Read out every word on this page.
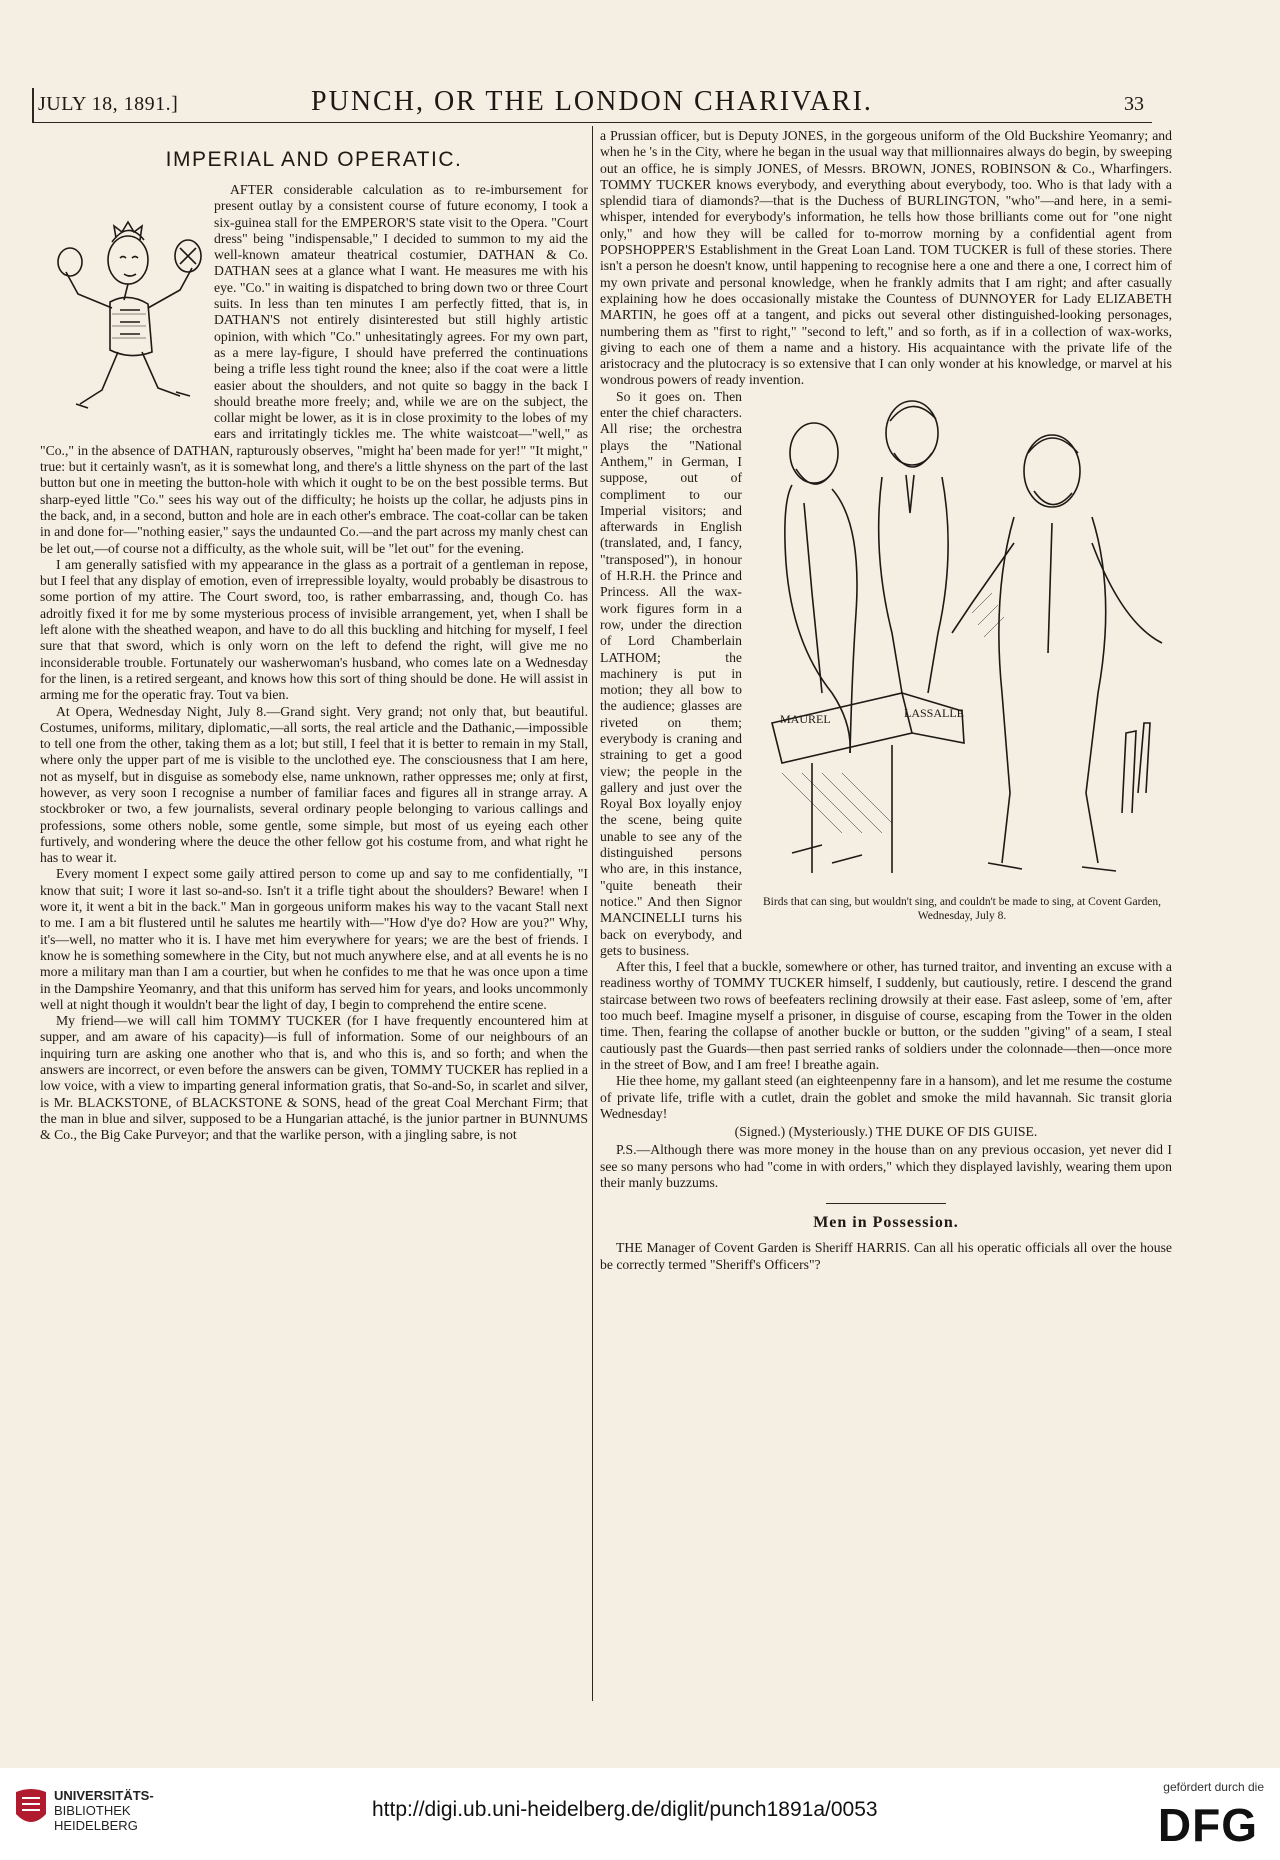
JULY 18, 1891.]	PUNCH, OR THE LONDON CHARIVARI.	33
IMPERIAL AND OPERATIC.

AFTER considerable calculation as to re-imbursement for present outlay by a consistent course of future economy, I took a six-guinea stall for the EMPEROR'S state visit to the Opera. "Court dress" being "indispensable," I decided to summon to my aid the well-known amateur theatrical costumier, DATHAN & Co. DATHAN sees at a glance what I want. He measures me with his eye. "Co." in waiting is dispatched to bring down two or three Court suits. In less than ten minutes I am perfectly fitted, that is, in DATHAN'S not entirely disinterested but still highly artistic opinion, with which "Co." unhesitatingly agrees. For my own part, as a mere lay-figure, I should have preferred the continuations being a trifle less tight round the knee; also if the coat were a little easier about the shoulders, and not quite so baggy in the back I should breathe more freely; and, while we are on the subject, the collar might be lower, as it is in close proximity to the lobes of my ears and irritatingly tickles me. The white waistcoat—"well," as "Co.," in the absence of DATHAN, rapturously observes, "might ha' been made for yer!" "It might," true: but it certainly wasn't, as it is somewhat long, and there's a little shyness on the part of the last button but one in meeting the button-hole with which it ought to be on the best possible terms. But sharp-eyed little "Co." sees his way out of the difficulty; he hoists up the collar, he adjusts pins in the back, and, in a second, button and hole are in each other's embrace. The coat-collar can be taken in and done for—"nothing easier," says the undaunted Co.—and the part across my manly chest can be let out,—of course not a difficulty, as the whole suit, will be "let out" for the evening.

I am generally satisfied with my appearance in the glass as a portrait of a gentleman in repose, but I feel that any display of emotion, even of irrepressible loyalty, would probably be disastrous to some portion of my attire. The Court sword, too, is rather embarrassing, and, though Co. has adroitly fixed it for me by some mysterious process of invisible arrangement, yet, when I shall be left alone with the sheathed weapon, and have to do all this buckling and hitching for myself, I feel sure that that sword, which is only worn on the left to defend the right, will give me no inconsiderable trouble. Fortunately our washerwoman's husband, who comes late on a Wednesday for the linen, is a retired sergeant, and knows how this sort of thing should be done. He will assist in arming me for the operatic fray. Tout va bien.

At Opera, Wednesday Night, July 8.—Grand sight. Very grand; not only that, but beautiful. Costumes, uniforms, military, diplomatic,—all sorts, the real article and the Dathanic,—impossible to tell one from the other, taking them as a lot; but still, I feel that it is better to remain in my Stall, where only the upper part of me is visible to the unclothed eye. The consciousness that I am here, not as myself, but in disguise as somebody else, name unknown, rather oppresses me; only at first, however, as very soon I recognise a number of familiar faces and figures all in strange array. A stockbroker or two, a few journalists, several ordinary people belonging to various callings and professions, some others noble, some gentle, some simple, but most of us eyeing each other furtively, and wondering where the deuce the other fellow got his costume from, and what right he has to wear it.

Every moment I expect some gaily attired person to come up and say to me confidentially, "I know that suit; I wore it last so-and-so. Isn't it a trifle tight about the shoulders? Beware! when I wore it, it went a bit in the back." Man in gorgeous uniform makes his way to the vacant Stall next to me. I am a bit flustered until he salutes me heartily with—"How d'ye do? How are you?" Why, it's—well, no matter who it is. I have met him everywhere for years; we are the best of friends. I know he is something somewhere in the City, but not much anywhere else, and at all events he is no more a military man than I am a courtier, but when he confides to me that he was once upon a time in the Dampshire Yeomanry, and that this uniform has served him for years, and looks uncommonly well at night though it wouldn't bear the light of day, I begin to comprehend the entire scene.

My friend—we will call him TOMMY TUCKER (for I have frequently encountered him at supper, and am aware of his capacity)—is full of information. Some of our neighbours of an inquiring turn are asking one another who that is, and who this is, and so forth; and when the answers are incorrect, or even before the answers can be given, TOMMY TUCKER has replied in a low voice, with a view to imparting general information gratis, that So-and-So, in scarlet and silver, is Mr. BLACKSTONE, of BLACKSTONE & SONS, head of the great Coal Merchant Firm; that the man in blue and silver, supposed to be a Hungarian attaché, is the junior partner in BUNNUMS & Co., the Big Cake Purveyor; and that the warlike person, with a jingling sabre, is not

a Prussian officer, but is Deputy JONES, in the gorgeous uniform of the Old Buckshire Yeomanry; and when he 's in the City, where he began in the usual way that millionnaires always do begin, by sweeping out an office, he is simply JONES, of Messrs. BROWN, JONES, ROBINSON & Co., Wharfingers. TOMMY TUCKER knows everybody, and everything about everybody, too. Who is that lady with a splendid tiara of diamonds?—that is the Duchess of BURLINGTON, "who"—and here, in a semi-whisper, intended for everybody's information, he tells how those brilliants come out for "one night only," and how they will be called for to-morrow morning by a confidential agent from POPSHOPPER'S Establishment in the Great Loan Land. TOM TUCKER is full of these stories. There isn't a person he doesn't know, until happening to recognise here a one and there a one, I correct him of my own private and personal knowledge, when he frankly admits that I am right; and after casually explaining how he does occasionally mistake the Countess of DUNNOYER for Lady ELIZABETH MARTIN, he goes off at a tangent, and picks out several other distinguished-looking personages, numbering them as "first to right," "second to left," and so forth, as if in a collection of wax-works, giving to each one of them a name and a history. His acquaintance with the private life of the aristocracy and the plutocracy is so extensive that I can only wonder at his knowledge, or marvel at his wondrous powers of ready invention.

MAUREL	LASSALLE
Birds that can sing, but wouldn't sing, and couldn't be made to sing, at Covent Garden, Wednesday, July 8.

So it goes on. Then enter the chief characters. All rise; the orchestra plays the "National Anthem," in German, I suppose, out of compliment to our Imperial visitors; and afterwards in English (translated, and, I fancy, "transposed"), in honour of H.R.H. the Prince and Princess. All the wax-work figures form in a row, under the direction of Lord Chamberlain LATHOM; the machinery is put in motion; they all bow to the audience; glasses are riveted on them; everybody is craning and straining to get a good view; the people in the gallery and just over the Royal Box loyally enjoy the scene, being quite unable to see any of the distinguished persons who are, in this instance, "quite beneath their notice." And then Signor MANCINELLI turns his back on everybody, and gets to business.

After this, I feel that a buckle, somewhere or other, has turned traitor, and inventing an excuse with a readiness worthy of TOMMY TUCKER himself, I suddenly, but cautiously, retire. I descend the grand staircase between two rows of beefeaters reclining drowsily at their ease. Fast asleep, some of 'em, after too much beef. Imagine myself a prisoner, in disguise of course, escaping from the Tower in the olden time. Then, fearing the collapse of another buckle or button, or the sudden "giving" of a seam, I steal cautiously past the Guards—then past serried ranks of soldiers under the colonnade—then—once more in the street of Bow, and I am free! I breathe again.

Hie thee home, my gallant steed (an eighteenpenny fare in a hansom), and let me resume the costume of private life, trifle with a cutlet, drain the goblet and smoke the mild havannah. Sic transit gloria Wednesday!

(Signed.) (Mysteriously.) THE DUKE OF DIS GUISE.

P.S.—Although there was more money in the house than on any previous occasion, yet never did I see so many persons who had "come in with orders," which they displayed lavishly, wearing them upon their manly buzzums.

Men in Possession.

THE Manager of Covent Garden is Sheriff HARRIS. Can all his operatic officials all over the house be correctly termed "Sheriff's Officers"?

UNIVERSITÄTS-
BIBLIOTHEK
HEIDELBERG
http://digi.ub.uni-heidelberg.de/diglit/punch1891a/0053
gefördert durch die
DFG
